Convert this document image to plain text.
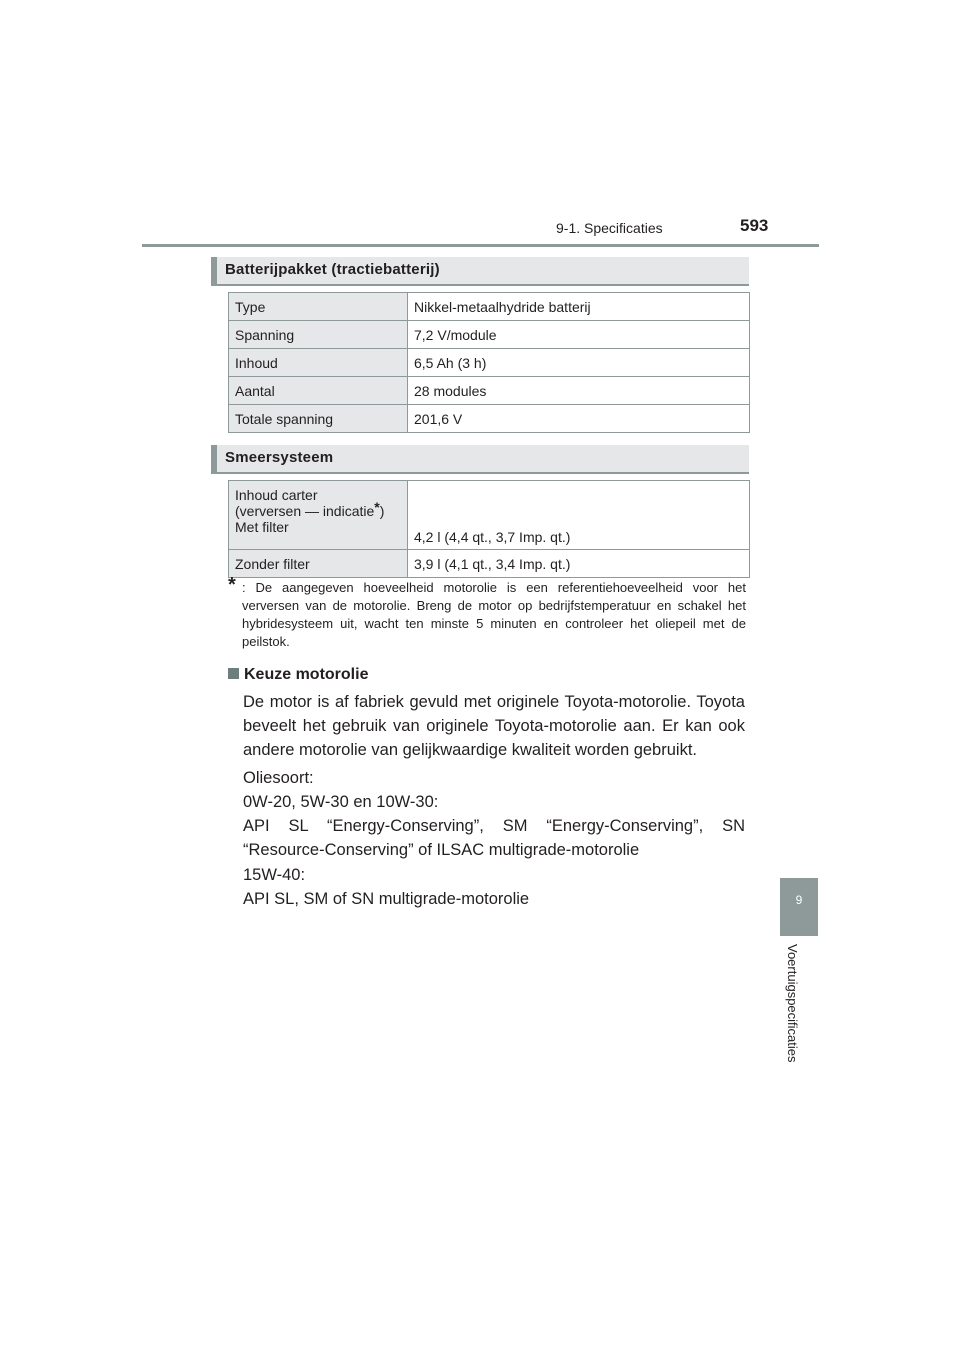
9-1. Specificaties	593
Batterijpakket (tractiebatterij)
Type	Nikkel-metaalhydride batterij
Spanning	7,2 V/module
Inhoud	6,5 Ah (3 h)
Aantal	28 modules
Totale spanning	201,6 V
Smeersysteem
Inhoud carter
(verversen — indicatie*)
Met filter	4,2 l (4,4 qt., 3,7 Imp. qt.)
Zonder filter	3,9 l (4,1 qt., 3,4 Imp. qt.)
* : De aangegeven hoeveelheid motorolie is een referentiehoeveelheid voor het verversen van de motorolie. Breng de motor op bedrijfstemperatuur en schakel het hybridesysteem uit, wacht ten minste 5 minuten en controleer het oliepeil met de peilstok.
Keuze motorolie
De motor is af fabriek gevuld met originele Toyota-motorolie. Toyota beveelt het gebruik van originele Toyota-motorolie aan. Er kan ook andere motorolie van gelijkwaardige kwaliteit worden gebruikt.
Oliesoort:
0W-20, 5W-30 en 10W-30:
API SL “Energy-Conserving”, SM “Energy-Conserving”, SN “Resource-Conserving” of ILSAC multigrade-motorolie
15W-40:
API SL, SM of SN multigrade-motorolie	9
Voertuigspecificaties
